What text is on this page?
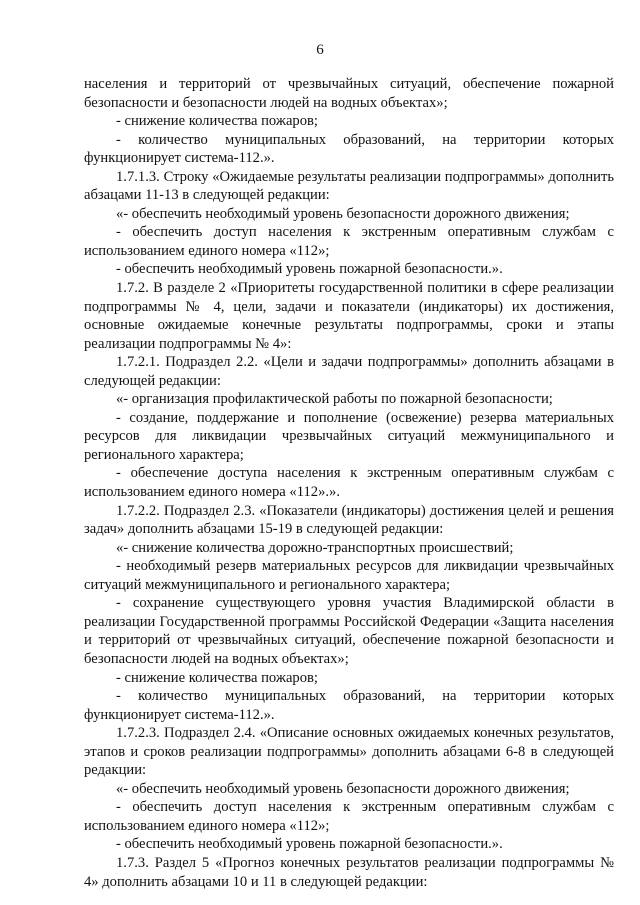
6

населения и территорий от чрезвычайных ситуаций, обеспечение пожарной безопасности и безопасности людей на водных объектах»;

- снижение количества пожаров;

- количество муниципальных образований, на территории которых функционирует система-112.».

1.7.1.3. Строку «Ожидаемые результаты реализации подпрограммы» дополнить абзацами 11-13 в следующей редакции:

«- обеспечить необходимый уровень безопасности дорожного движения;

- обеспечить доступ населения к экстренным оперативным службам с использованием единого номера «112»;

- обеспечить необходимый уровень пожарной безопасности.».

1.7.2. В разделе 2 «Приоритеты государственной политики в сфере реализации подпрограммы № 4, цели, задачи и показатели (индикаторы) их достижения, основные ожидаемые конечные результаты подпрограммы, сроки и этапы реализации подпрограммы № 4»:

1.7.2.1. Подраздел 2.2. «Цели и задачи подпрограммы» дополнить абзацами в следующей редакции:

«- организация профилактической работы по пожарной безопасности;

- создание, поддержание и пополнение (освежение) резерва материальных ресурсов для ликвидации чрезвычайных ситуаций межмуниципального и регионального характера;

- обеспечение доступа населения к экстренным оперативным службам с использованием единого номера «112».».

1.7.2.2. Подраздел 2.3. «Показатели (индикаторы) достижения целей и решения задач» дополнить абзацами 15-19 в следующей редакции:

«- снижение количества дорожно-транспортных происшествий;

- необходимый резерв материальных ресурсов для ликвидации чрезвычайных ситуаций межмуниципального и регионального характера;

- сохранение существующего уровня участия Владимирской области в реализации Государственной программы Российской Федерации «Защита населения и территорий от чрезвычайных ситуаций, обеспечение пожарной безопасности и безопасности людей на водных объектах»;

- снижение количества пожаров;

- количество муниципальных образований, на территории которых функционирует система-112.».

1.7.2.3. Подраздел 2.4. «Описание основных ожидаемых конечных результатов, этапов и сроков реализации подпрограммы» дополнить абзацами 6-8 в следующей редакции:

«- обеспечить необходимый уровень безопасности дорожного движения;

- обеспечить доступ населения к экстренным оперативным службам с использованием единого номера «112»;

- обеспечить необходимый уровень пожарной безопасности.».

1.7.3. Раздел 5 «Прогноз конечных результатов реализации подпрограммы № 4» дополнить абзацами 10 и 11 в следующей редакции:
